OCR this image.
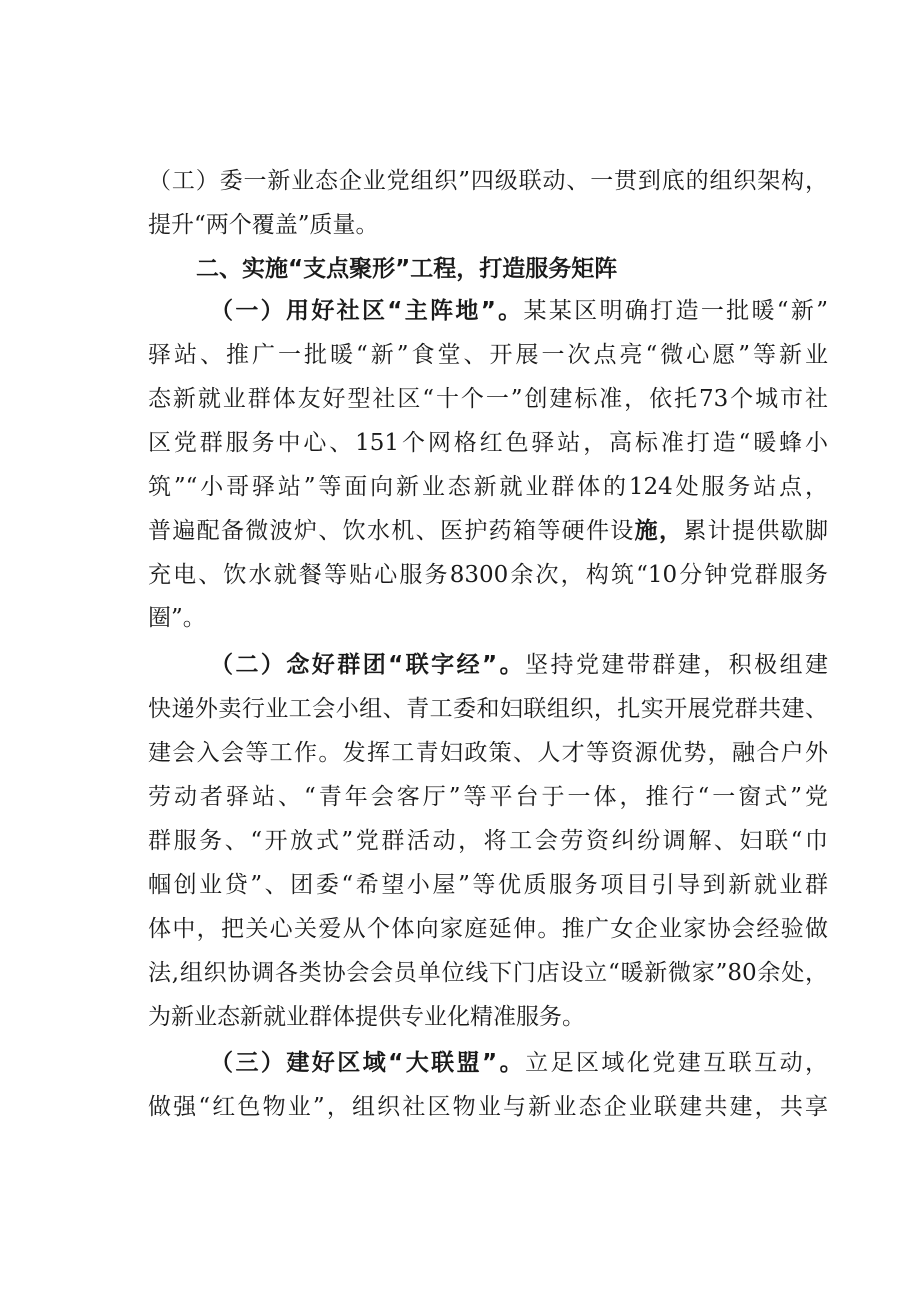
（工）委一新业态企业党组织”四级联动、一贯到底的组织架构，
提升“两个覆盖”质量。
二、实施“支点聚形”工程，打造服务矩阵
（一）用好社区“主阵地”。某某区明确打造一批暖“新”
驿站、推广一批暖“新”食堂、开展一次点亮“微心愿”等新业
态新就业群体友好型社区“十个一”创建标准，依托73个城市社
区党群服务中心、151个网格红色驿站，高标准打造“暖蜂小
筑”“小哥驿站”等面向新业态新就业群体的124处服务站点，
普遍配备微波炉、饮水机、医护药箱等硬件设施，累计提供歇脚
充电、饮水就餐等贴心服务8300余次，构筑“10分钟党群服务
圈”。
（二）念好群团“联字经”。坚持党建带群建，积极组建
快递外卖行业工会小组、青工委和妇联组织，扎实开展党群共建、
建会入会等工作。发挥工青妇政策、人才等资源优势，融合户外
劳动者驿站、“青年会客厅”等平台于一体，推行“一窗式”党
群服务、“开放式”党群活动，将工会劳资纠纷调解、妇联“巾
帼创业贷”、团委“希望小屋”等优质服务项目引导到新就业群
体中，把关心关爱从个体向家庭延伸。推广女企业家协会经验做
法,组织协调各类协会会员单位线下门店设立“暖新微家”80余处，
为新业态新就业群体提供专业化精准服务。
（三）建好区域“大联盟”。立足区域化党建互联互动，
做强“红色物业”，组织社区物业与新业态企业联建共建，共享
